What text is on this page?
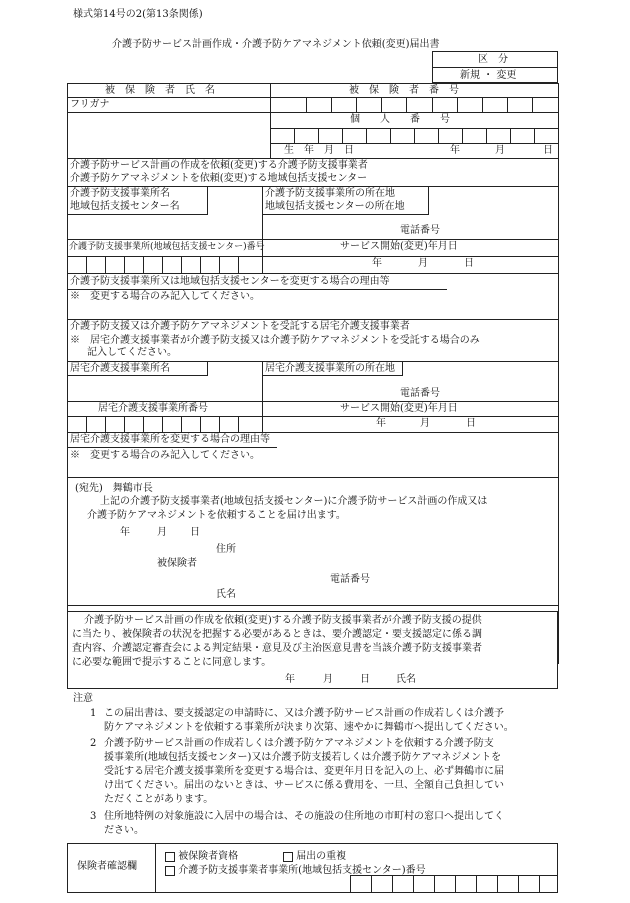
様式第14号の2(第13条関係)
介護予防サービス計画作成・介護予防ケアマネジメント依頼(変更)届出書
区　分
新規 ・ 変更
被　保　険　者　氏　名	被　保　険　者　番　号
フリガナ
個　　人　　番　　号
生　年　月　日	年	月	日
介護予防サービス計画の作成を依頼(変更)する介護予防支援事業者
介護予防ケアマネジメントを依頼(変更)する地域包括支援センター
介護予防支援事業所名
地域包括支援センター名
介護予防支援事業所の所在地
地域包括支援センターの所在地
電話番号
介護予防支援事業所(地域包括支援センター)番号	サービス開始(変更)年月日
年	月	日
介護予防支援事業所又は地域包括支援センターを変更する場合の理由等
※　変更する場合のみ記入してください。
介護予防支援又は介護予防ケアマネジメントを受託する居宅介護支援事業者
※　居宅介護支援事業者が介護予防支援又は介護予防ケアマネジメントを受託する場合のみ
記入してください。
居宅介護支援事業所名	居宅介護支援事業所の所在地
電話番号
居宅介護支援事業所番号	サービス開始(変更)年月日
年	月	日
居宅介護支援事業所を変更する場合の理由等
※　変更する場合のみ記入してください。
(宛先)　舞鶴市長
上記の介護予防支援事業者(地域包括支援センター)に介護予防サービス計画の作成又は
介護予防ケアマネジメントを依頼することを届け出ます。
年	月 日
住所
被保険者
電話番号
氏名
介護予防サービス計画の作成を依頼(変更)する介護予防支援事業者が介護予防支援の提供
に当たり、被保険者の状況を把握する必要があるときは、要介護認定・要支援認定に係る調
査内容、介護認定審査会による判定結果・意見及び主治医意見書を当該介護予防支援事業者
に必要な範囲で提示することに同意します。
年	月	日	氏名
注意
1 この届出書は、要支援認定の申請時に、又は介護予防サービス計画の作成若しくは介護予
防ケアマネジメントを依頼する事業所が決まり次第、速やかに舞鶴市へ提出してください。
2 介護予防サービス計画の作成若しくは介護予防ケアマネジメントを依頼する介護予防支
援事業所(地域包括支援センター)又は介護予防支援若しくは介護予防ケアマネジメントを
受託する居宅介護支援事業所を変更する場合は、変更年月日を記入の上、必ず舞鶴市に届
け出てください。届出のないときは、サービスに係る費用を、一旦、全額自己負担してい
ただくことがあります。
3 住所地特例の対象施設に入居中の場合は、その施設の住所地の市町村の窓口へ提出してく
ださい。
保険者確認欄
被保険者資格	届出の重複
介護予防支援事業者事業所(地域包括支援センター)番号
